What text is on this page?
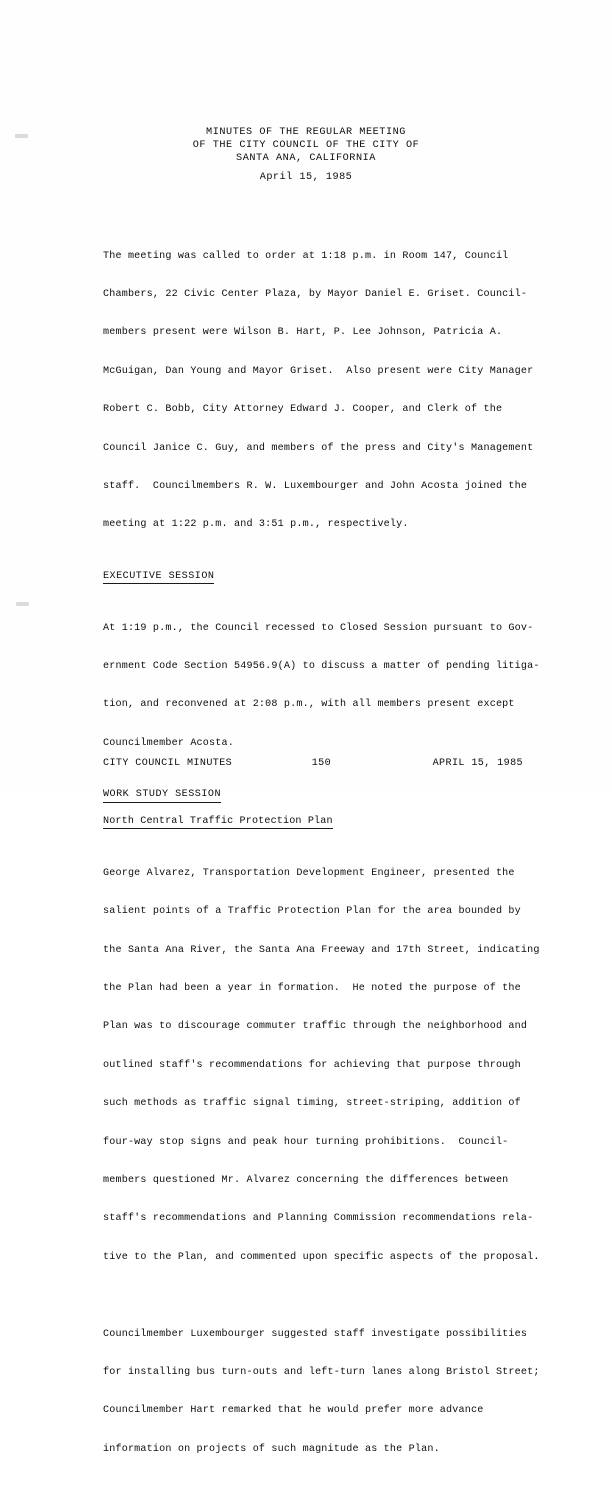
MINUTES OF THE REGULAR MEETING
OF THE CITY COUNCIL OF THE CITY OF
SANTA ANA, CALIFORNIA
April 15, 1985

The meeting was called to order at 1:18 p.m. in Room 147, Council

Chambers, 22 Civic Center Plaza, by Mayor Daniel E. Griset. Council-

members present were Wilson B. Hart, P. Lee Johnson, Patricia A.

McGuigan, Dan Young and Mayor Griset.  Also present were City Manager

Robert C. Bobb, City Attorney Edward J. Cooper, and Clerk of the

Council Janice C. Guy, and members of the press and City's Management

staff.  Councilmembers R. W. Luxembourger and John Acosta joined the

meeting at 1:22 p.m. and 3:51 p.m., respectively.

EXECUTIVE SESSION

At 1:19 p.m., the Council recessed to Closed Session pursuant to Gov-

ernment Code Section 54956.9(A) to discuss a matter of pending litiga-

tion, and reconvened at 2:08 p.m., with all members present except

Councilmember Acosta.

WORK STUDY SESSION
North Central Traffic Protection Plan

George Alvarez, Transportation Development Engineer, presented the

salient points of a Traffic Protection Plan for the area bounded by

the Santa Ana River, the Santa Ana Freeway and 17th Street, indicating

the Plan had been a year in formation.  He noted the purpose of the

Plan was to discourage commuter traffic through the neighborhood and

outlined staff's recommendations for achieving that purpose through

such methods as traffic signal timing, street-striping, addition of

four-way stop signs and peak hour turning prohibitions.  Council-

members questioned Mr. Alvarez concerning the differences between

staff's recommendations and Planning Commission recommendations rela-

tive to the Plan, and commented upon specific aspects of the proposal.

Councilmember Luxembourger suggested staff investigate possibilities

for installing bus turn-outs and left-turn lanes along Bristol Street;

Councilmember Hart remarked that he would prefer more advance

information on projects of such magnitude as the Plan.

CITY COUNCIL MINUTES	150	APRIL 15, 1985
